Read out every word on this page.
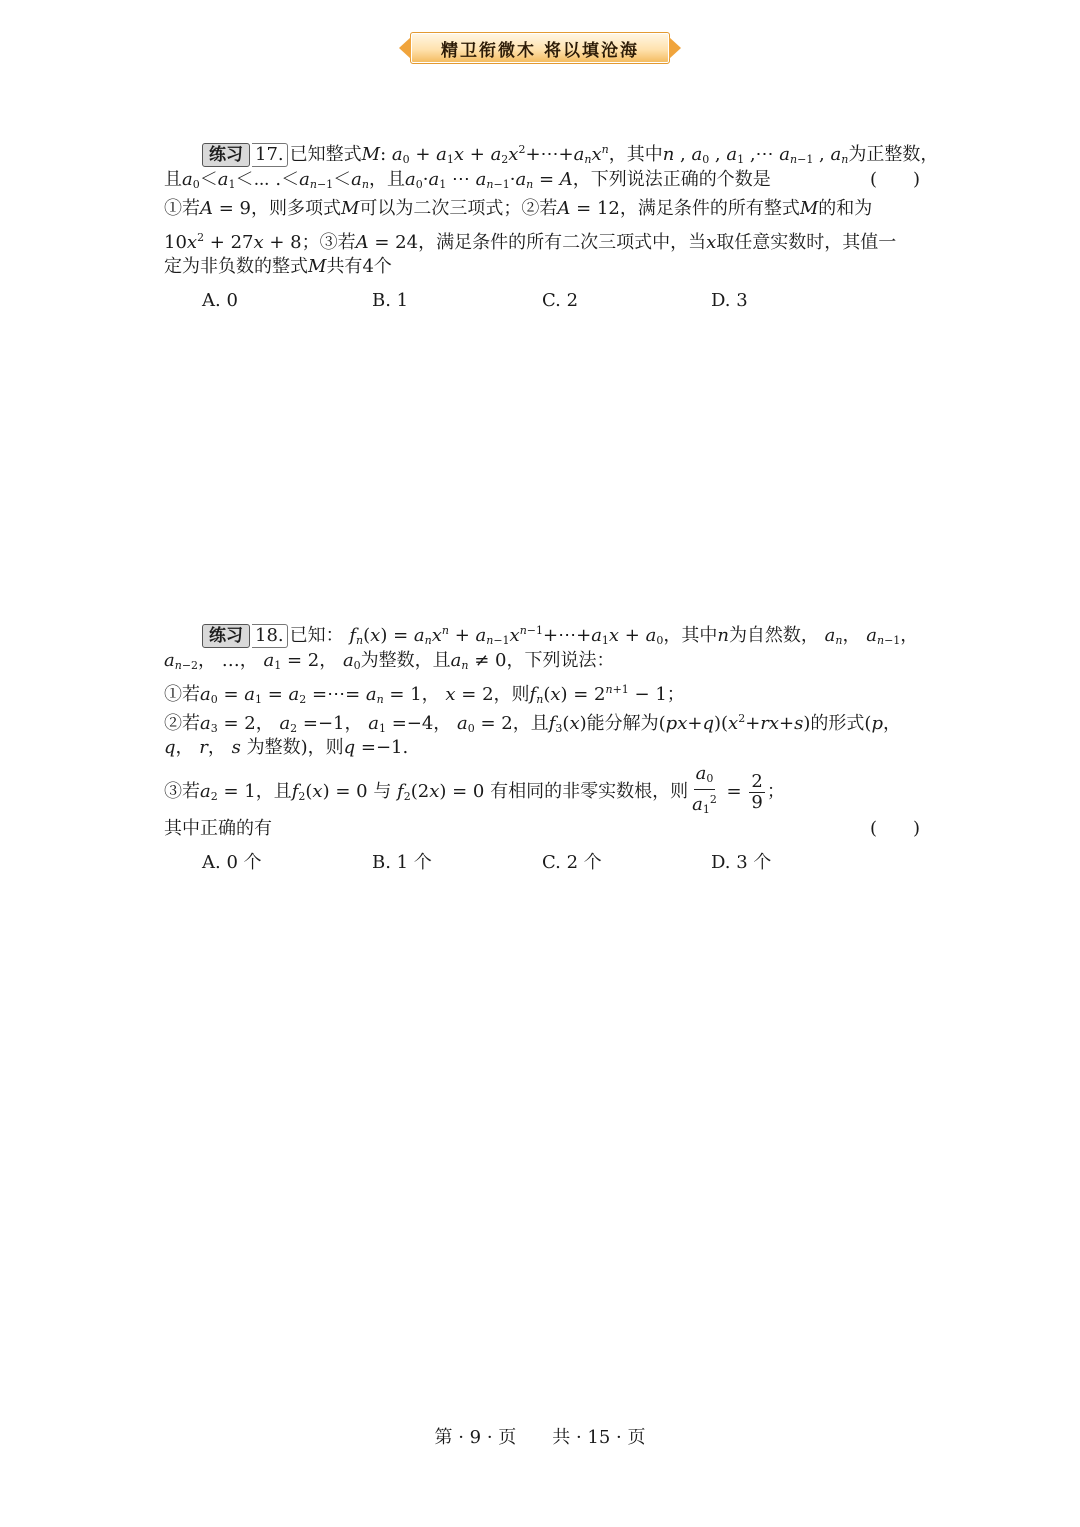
精卫衔微木 将以填沧海
练习 17. 已知整式M: $a_0 + a_1x$ + $a_2x^2+\cdots+a_nx^n$，其中n , $a_0$ , $a_1$ ,⋯ $a_{n-1}$ , $a_n$为正整数，
且$a_0<a_1<\cdots$ $.<a_{n-1}<a_n$，且$a_0\cdot a_1$ ⋯ $a_{n-1}\cdot a_n = A$，下列说法正确的个数是	(　　)
①若A = 9，则多项式M可以为二次三项式；②若A = 12，满足条件的所有整式M的和为
$10x^2 + 27x + 8$；③若A = 24，满足条件的所有二次三项式中，当x取任意实数时，其值一
定为非负数的整式M共有4个
A. 0	B. 1	C. 2	D. 3
练习 18. 已知： $f_n(x) = a_nx^n$ + $a_{n-1}x^{n-1}+\cdots+a_1x + a_0$，其中n为自然数， $a_n$， $a_{n-1}$，
$a_{n-2}$， …， $a_1 = 2$， $a_0$为整数，且$a_n \ne 0$，下列说法：
①若$a_0 = a_1 = a_2$ =⋯= $a_n = 1$， x = 2，则$f_n(x) = 2^{n+1} - 1$；
②若$a_3 = 2$， $a_2 =-1$， $a_1 =-4$， $a_0 = 2$，且$f_3(x)$能分解为$(px+q)(x^2+rx+s)$的形式(p，
q， r， s 为整数)，则q =−1.
③若$a_2 = 1$，且$f_2(x) = 0$ 与 $f_2(2x) = 0$ 有相同的非零实数根，则 $\frac{a_0}{a_1^2} = \frac{2}{9}$ ；
其中正确的有	(　　)
A. 0 个	B. 1 个	C. 2 个	D. 3 个
第 · 9 · 页　　共 · 15 · 页
